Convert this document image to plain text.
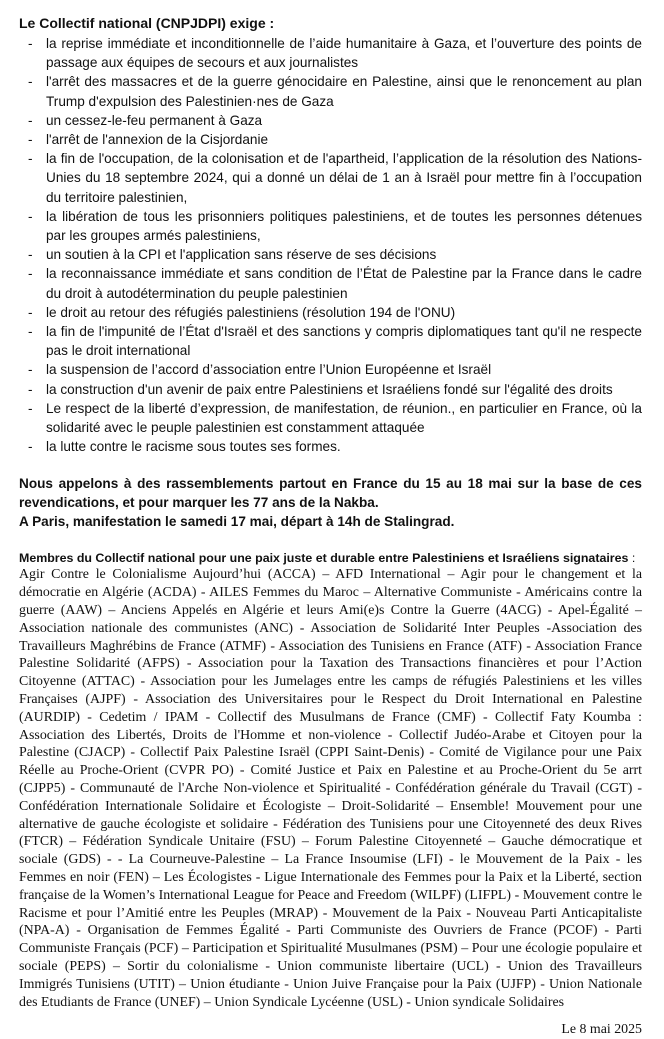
Le Collectif national (CNPJDPI) exige :
- la reprise immédiate et inconditionnelle de l’aide humanitaire à Gaza, et l’ouverture des points de passage aux équipes de secours et aux journalistes
- l'arrêt des massacres et de la guerre génocidaire en Palestine, ainsi que le renoncement au plan Trump d'expulsion des Palestinien·nes de Gaza
- un cessez-le-feu permanent à Gaza
- l'arrêt de l'annexion de la Cisjordanie
- la fin de l'occupation, de la colonisation et de l'apartheid, l’application de la résolution des Nations-Unies du 18 septembre 2024, qui a donné un délai de 1 an à Israël pour mettre fin à l’occupation du territoire palestinien,
- la libération de tous les prisonniers politiques palestiniens, et de toutes les personnes détenues par les groupes armés palestiniens,
- un soutien à la CPI et l'application sans réserve de ses décisions
- la reconnaissance immédiate et sans condition de l’État de Palestine par la France dans le cadre du droit à autodétermination du peuple palestinien
- le droit au retour des réfugiés palestiniens (résolution 194 de l'ONU)
- la fin de l'impunité de l’État d'Israël et des sanctions y compris diplomatiques tant qu'il ne respecte pas le droit international
- la suspension de l’accord d’association entre l’Union Européenne et Israël
- la construction d'un avenir de paix entre Palestiniens et Israéliens fondé sur l'égalité des droits
- Le respect de la liberté d’expression, de manifestation, de réunion., en particulier en France, où la solidarité avec le peuple palestinien est constamment attaquée
- la lutte contre le racisme sous toutes ses formes.

Nous appelons à des rassemblements partout en France du 15 au 18 mai sur la base de ces revendications, et pour marquer les 77 ans de la Nakba.

A Paris, manifestation le samedi 17 mai, départ à 14h de Stalingrad.

Membres du Collectif national pour une paix juste et durable entre Palestiniens et Israéliens signataires :

Agir Contre le Colonialisme Aujourd’hui (ACCA) – AFD International – Agir pour le changement et la démocratie en Algérie (ACDA) - AILES Femmes du Maroc – Alternative Communiste - Américains contre la guerre (AAW) – Anciens Appelés en Algérie et leurs Ami(e)s Contre la Guerre (4ACG) - Apel-Égalité – Association nationale des communistes (ANC) - Association de Solidarité Inter Peuples -Association des Travailleurs Maghrébins de France (ATMF) - Association des Tunisiens en France (ATF) - Association France Palestine Solidarité (AFPS) - Association pour la Taxation des Transactions financières et pour l’Action Citoyenne (ATTAC) - Association pour les Jumelages entre les camps de réfugiés Palestiniens et les villes Françaises (AJPF) - Association des Universitaires pour le Respect du Droit International en Palestine (AURDIP) - Cedetim / IPAM - Collectif des Musulmans de France (CMF) - Collectif Faty Koumba : Association des Libertés, Droits de l'Homme et non-violence - Collectif Judéo-Arabe et Citoyen pour la Palestine (CJACP) - Collectif Paix Palestine Israël (CPPI Saint-Denis) - Comité de Vigilance pour une Paix Réelle au Proche-Orient (CVPR PO) - Comité Justice et Paix en Palestine et au Proche-Orient du 5e arrt (CJPP5) - Communauté de l'Arche Non-violence et Spiritualité - Confédération générale du Travail (CGT) - Confédération Internationale Solidaire et Écologiste – Droit-Solidarité – Ensemble! Mouvement pour une alternative de gauche écologiste et solidaire - Fédération des Tunisiens pour une Citoyenneté des deux Rives (FTCR) – Fédération Syndicale Unitaire (FSU) – Forum Palestine Citoyenneté – Gauche démocratique et sociale (GDS) - - La Courneuve-Palestine – La France Insoumise (LFI) - le Mouvement de la Paix - les Femmes en noir (FEN) – Les Écologistes - Ligue Internationale des Femmes pour la Paix et la Liberté, section française de la Women’s International League for Peace and Freedom (WILPF) (LIFPL) - Mouvement contre le Racisme et pour l’Amitié entre les Peuples (MRAP) - Mouvement de la Paix - Nouveau Parti Anticapitaliste (NPA-A) - Organisation de Femmes Égalité - Parti Communiste des Ouvriers de France (PCOF) - Parti Communiste Français (PCF) – Participation et Spiritualité Musulmanes (PSM) – Pour une écologie populaire et sociale (PEPS) – Sortir du colonialisme - Union communiste libertaire (UCL) - Union des Travailleurs Immigrés Tunisiens (UTIT) – Union étudiante - Union Juive Française pour la Paix (UJFP) - Union Nationale des Etudiants de France (UNEF) – Union Syndicale Lycéenne (USL) - Union syndicale Solidaires

Le 8 mai 2025
